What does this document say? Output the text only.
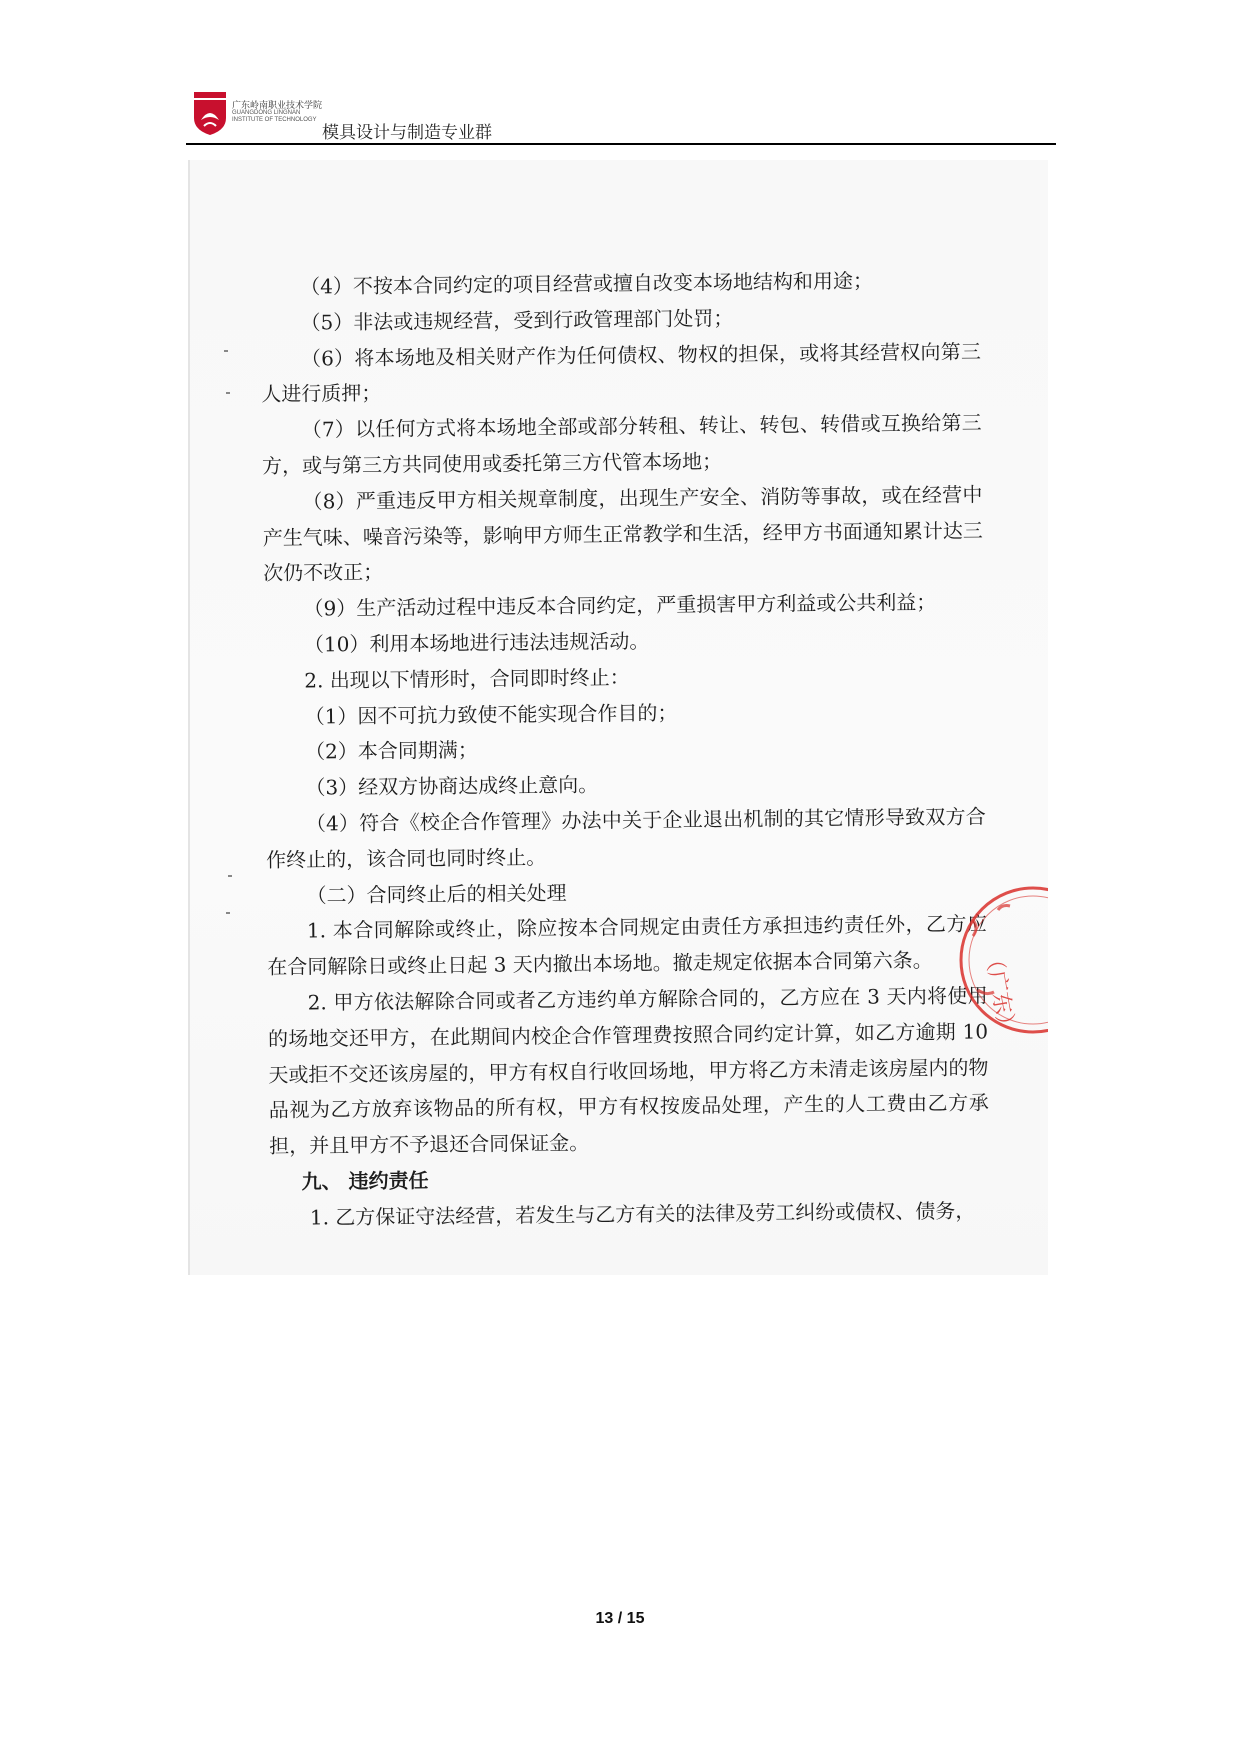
广东岭南职业技术学院
GUANGDONG LINGNAN
INSTITUTE OF TECHNOLOGY
模具设计与制造专业群

（4）不按本合同约定的项目经营或擅自改变本场地结构和用途；

（5）非法或违规经营，受到行政管理部门处罚；

（6）将本场地及相关财产作为任何债权、物权的担保，或将其经营权向第三人进行质押；

（7）以任何方式将本场地全部或部分转租、转让、转包、转借或互换给第三方，或与第三方共同使用或委托第三方代管本场地；

（8）严重违反甲方相关规章制度，出现生产安全、消防等事故，或在经营中产生气味、噪音污染等，影响甲方师生正常教学和生活，经甲方书面通知累计达三次仍不改正；

（9）生产活动过程中违反本合同约定，严重损害甲方利益或公共利益；

（10）利用本场地进行违法违规活动。

2. 出现以下情形时，合同即时终止：

（1）因不可抗力致使不能实现合作目的；

（2）本合同期满；

（3）经双方协商达成终止意向。

（4）符合《校企合作管理》办法中关于企业退出机制的其它情形导致双方合作终止的，该合同也同时终止。

（二）合同终止后的相关处理

1. 本合同解除或终止，除应按本合同规定由责任方承担违约责任外，乙方应在合同解除日或终止日起 3 天内撤出本场地。撤走规定依据本合同第六条。

2. 甲方依法解除合同或者乙方违约单方解除合同的，乙方应在 3 天内将使用的场地交还甲方，在此期间内校企合作管理费按照合同约定计算，如乙方逾期 10 天或拒不交还该房屋的，甲方有权自行收回场地，甲方将乙方未清走该房屋内的物品视为乙方放弃该物品的所有权，甲方有权按废品处理，产生的人工费由乙方承担，并且甲方不予退还合同保证金。

九、 违约责任

1. 乙方保证守法经营，若发生与乙方有关的法律及劳工纠纷或债权、债务，

（广东）
13 / 15
